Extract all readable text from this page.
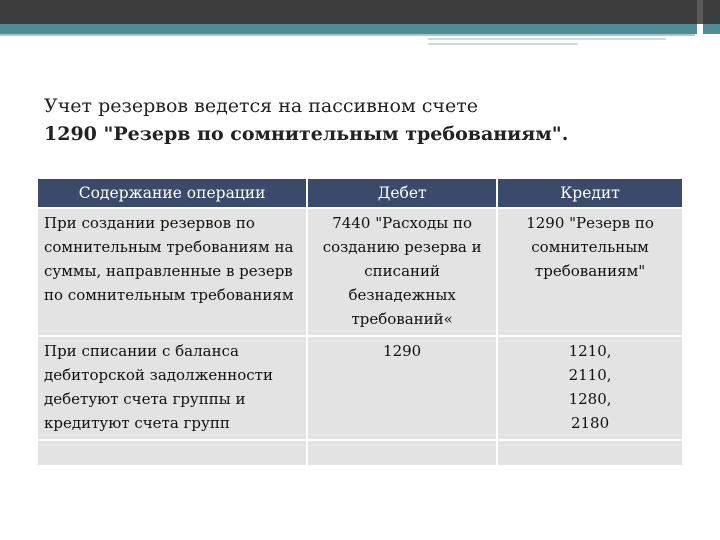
Учет резервов ведется на пассивном счете
1290 "Резерв по сомнительным требованиям".
Содержание операции	Дебет	Кредит
При создании резервов по сомнительным требованиям на суммы, направленные в резерв по сомнительным требованиям	7440 "Расходы по созданию резерва и списаний безнадежных требований«	1290 "Резерв по сомнительным требованиям"
При списании с баланса дебиторской задолженности дебетуют счета группы и кредитуют счета групп	1290	1210, 2110, 1280, 2180
